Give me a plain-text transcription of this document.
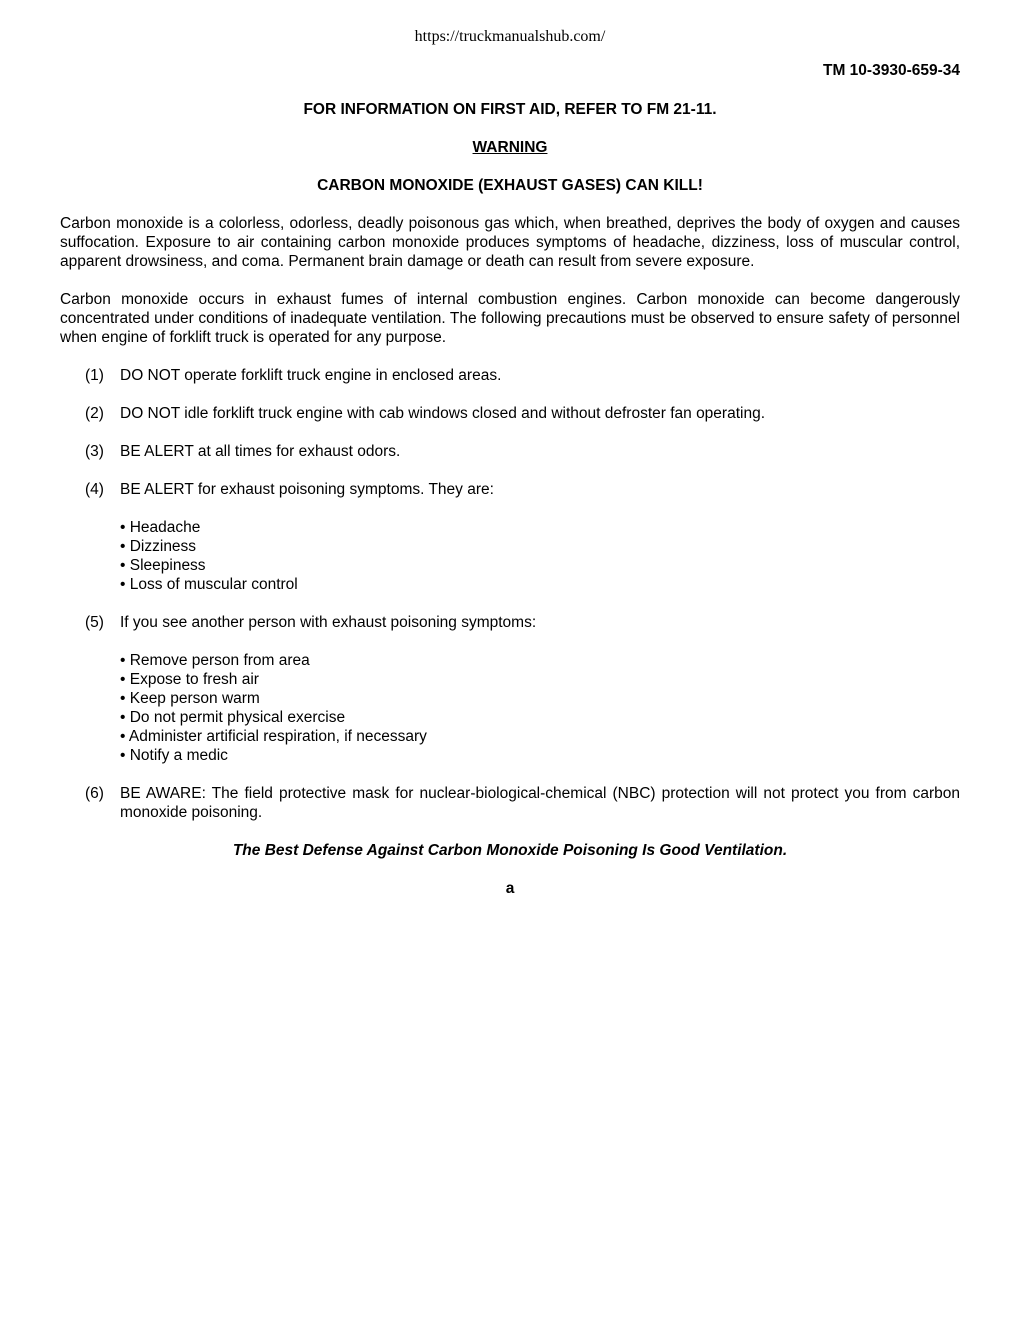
https://truckmanualshub.com/
TM 10-3930-659-34

FOR INFORMATION ON FIRST AID, REFER TO FM 21-11.

WARNING

CARBON MONOXIDE (EXHAUST GASES) CAN KILL!

Carbon monoxide is a colorless, odorless, deadly poisonous gas which, when breathed, deprives the body of oxygen and causes suffocation. Exposure to air containing carbon monoxide produces symptoms of headache, dizziness, loss of muscular control, apparent drowsiness, and coma. Permanent brain damage or death can result from severe exposure.

Carbon monoxide occurs in exhaust fumes of internal combustion engines. Carbon monoxide can become dangerously concentrated under conditions of inadequate ventilation. The following precautions must be observed to ensure safety of personnel when engine of forklift truck is operated for any purpose.

(1)	DO NOT operate forklift truck engine in enclosed areas.
(2)	DO NOT idle forklift truck engine with cab windows closed and without defroster fan operating.
(3)	BE ALERT at all times for exhaust odors.
(4)	BE ALERT for exhaust poisoning symptoms. They are:
• Headache
• Dizziness
• Sleepiness
• Loss of muscular control
(5)	If you see another person with exhaust poisoning symptoms:
• Remove person from area
• Expose to fresh air
• Keep person warm
• Do not permit physical exercise
• Administer artificial respiration, if necessary
• Notify a medic
(6)	BE AWARE: The field protective mask for nuclear-biological-chemical (NBC) protection will not protect you from carbon monoxide poisoning.

The Best Defense Against Carbon Monoxide Poisoning Is Good Ventilation.

a
